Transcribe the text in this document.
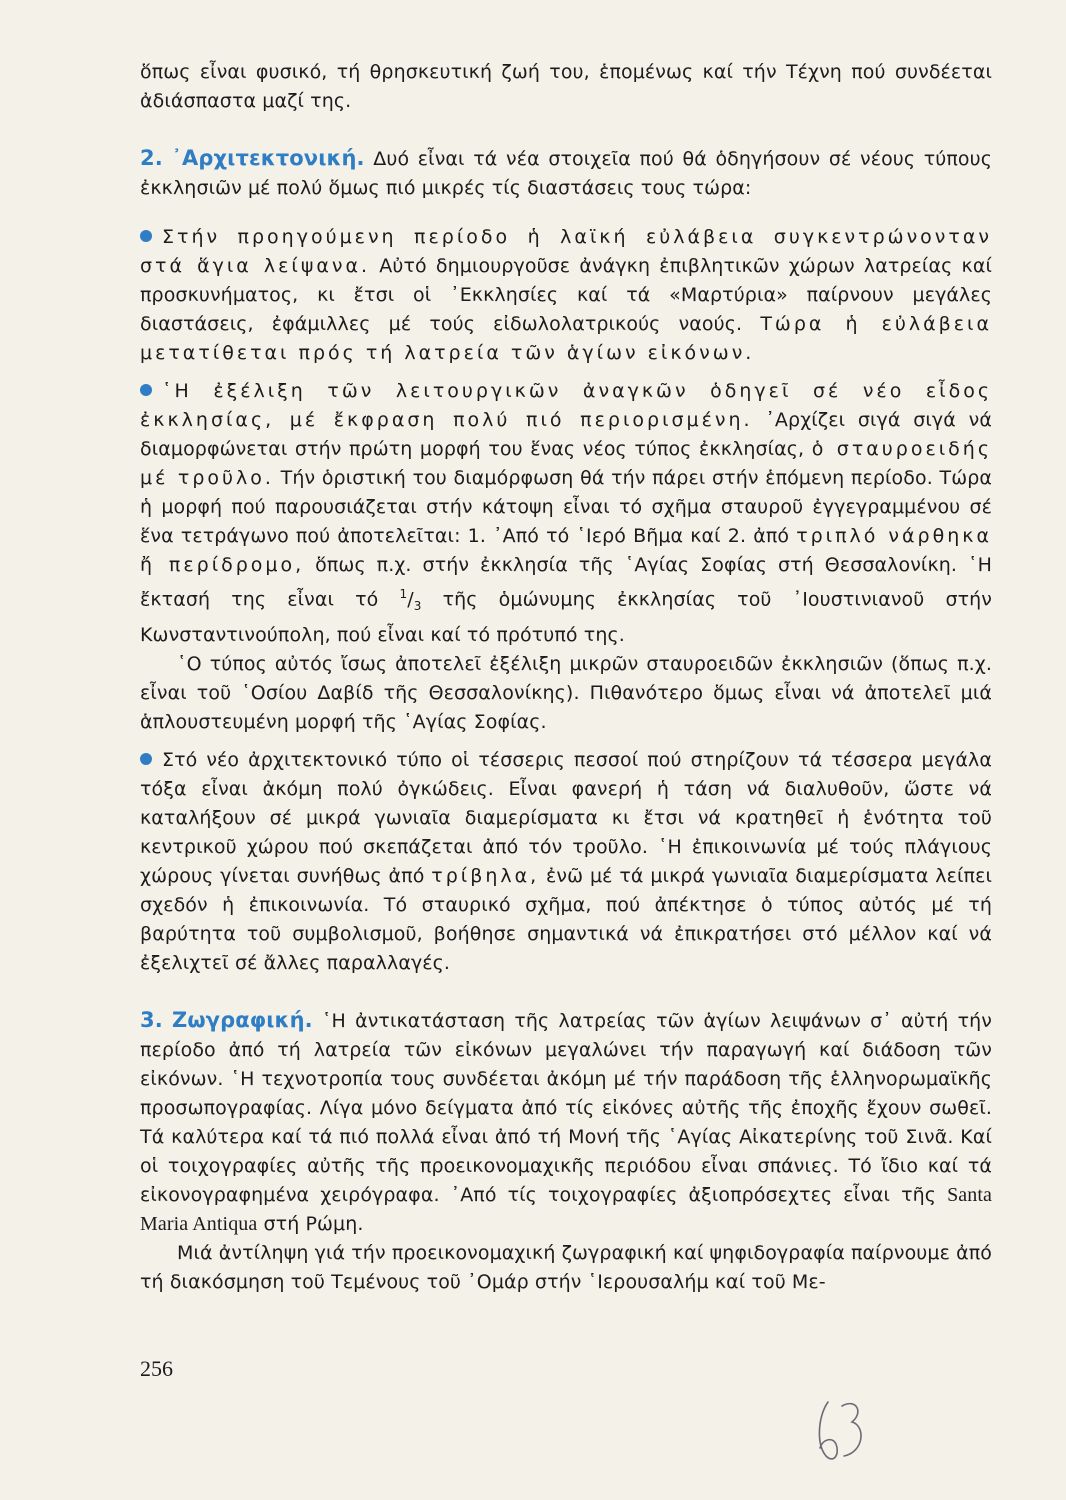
ὅπως εἶναι φυσικό, τή θρησκευτική ζωή του, ἑπομένως καί τήν Τέχνη πού συνδέεται ἀδιάσπαστα μαζί της.

2. ᾿Αρχιτεκτονική. Δυό εἶναι τά νέα στοιχεῖα πού θά ὁδηγήσουν σέ νέους τύπους ἐκκλησιῶν μέ πολύ ὅμως πιό μικρές τίς διαστάσεις τους τώρα:

Στήν προηγούμενη περίοδο ἡ λαϊκή εὐλάβεια συγκεντρώνονταν στά ἅγια λείψανα. Αὐτό δημιουργοῦσε ἀνάγκη ἐπιβλητικῶν χώρων λατρείας καί προσκυνήματος, κι ἔτσι οἱ ᾿Εκκλησίες καί τά «Μαρτύρια» παίρνουν μεγάλες διαστάσεις, ἐφάμιλλες μέ τούς εἰδωλολατρικούς ναούς. Τώρα ἡ εὐλάβεια μετατίθεται πρός τή λατρεία τῶν ἁγίων εἰκόνων.

῾Η ἐξέλιξη τῶν λειτουργικῶν ἀναγκῶν ὁδηγεῖ σέ νέο εἶδος ἐκκλησίας, μέ ἔκφραση πολύ πιό περιορισμένη. ᾿Αρχίζει σιγά σιγά νά διαμορφώνεται στήν πρώτη μορφή του ἕνας νέος τύπος ἐκκλησίας, ὁ σταυροειδής μέ τροῦλο. Τήν ὁριστική του διαμόρφωση θά τήν πάρει στήν ἑπόμενη περίοδο. Τώρα ἡ μορφή πού παρουσιάζεται στήν κάτοψη εἶναι τό σχῆμα σταυροῦ ἐγγεγραμμένου σέ ἕνα τετράγωνο πού ἀποτελεῖται: 1. ᾿Από τό ῾Ιερό Βῆμα καί 2. ἀπό τριπλό νάρθηκα ἤ περίδρομο, ὅπως π.χ. στήν ἐκκλησία τῆς ῾Αγίας Σοφίας στή Θεσσαλονίκη. ῾Η ἔκτασή της εἶναι τό $^1/_3$ τῆς ὁμώνυμης ἐκκλησίας τοῦ ᾿Ιουστινιανοῦ στήν Κωνσταντινούπολη, πού εἶναι καί τό πρότυπό της.

῾Ο τύπος αὐτός ἴσως ἀποτελεῖ ἐξέλιξη μικρῶν σταυροειδῶν ἐκκλησιῶν (ὅπως π.χ. εἶναι τοῦ ῾Οσίου Δαβίδ τῆς Θεσσαλονίκης). Πιθανότερο ὅμως εἶναι νά ἀποτελεῖ μιά ἁπλουστευμένη μορφή τῆς ῾Αγίας Σοφίας.

Στό νέο ἀρχιτεκτονικό τύπο οἱ τέσσερις πεσσοί πού στηρίζουν τά τέσσερα μεγάλα τόξα εἶναι ἀκόμη πολύ ὀγκώδεις. Εἶναι φανερή ἡ τάση νά διαλυθοῦν, ὥστε νά καταλήξουν σέ μικρά γωνιαῖα διαμερίσματα κι ἔτσι νά κρατηθεῖ ἡ ἑνότητα τοῦ κεντρικοῦ χώρου πού σκεπάζεται ἀπό τόν τροῦλο. ῾Η ἐπικοινωνία μέ τούς πλάγιους χώρους γίνεται συνήθως ἀπό τρίβηλα, ἐνῶ μέ τά μικρά γωνιαῖα διαμερίσματα λείπει σχεδόν ἡ ἐπικοινωνία. Τό σταυρικό σχῆμα, πού ἀπέκτησε ὁ τύπος αὐτός μέ τή βαρύτητα τοῦ συμβολισμοῦ, βοήθησε σημαντικά νά ἐπικρατήσει στό μέλλον καί νά ἐξελιχτεῖ σέ ἄλλες παραλλαγές.

3. Ζωγραφική. ῾Η ἀντικατάσταση τῆς λατρείας τῶν ἁγίων λειψάνων σ᾿ αὐτή τήν περίοδο ἀπό τή λατρεία τῶν εἰκόνων μεγαλώνει τήν παραγωγή καί διάδοση τῶν εἰκόνων. ῾Η τεχνοτροπία τους συνδέεται ἀκόμη μέ τήν παράδοση τῆς ἑλληνορωμαϊκῆς προσωπογραφίας. Λίγα μόνο δείγματα ἀπό τίς εἰκόνες αὐτῆς τῆς ἐποχῆς ἔχουν σωθεῖ. Τά καλύτερα καί τά πιό πολλά εἶναι ἀπό τή Μονή τῆς ῾Αγίας Αἰκατερίνης τοῦ Σινᾶ. Καί οἱ τοιχογραφίες αὐτῆς τῆς προεικονομαχικῆς περιόδου εἶναι σπάνιες. Τό ἴδιο καί τά εἰκονογραφημένα χειρόγραφα. ᾿Από τίς τοιχογραφίες ἀξιοπρόσεχτες εἶναι τῆς Santa Maria Antiqua στή Ρώμη.

Μιά ἀντίληψη γιά τήν προεικονομαχική ζωγραφική καί ψηφιδογραφία παίρνουμε ἀπό τή διακόσμηση τοῦ Τεμένους τοῦ ᾿Ομάρ στήν ῾Ιερουσαλήμ καί τοῦ Με-

256
